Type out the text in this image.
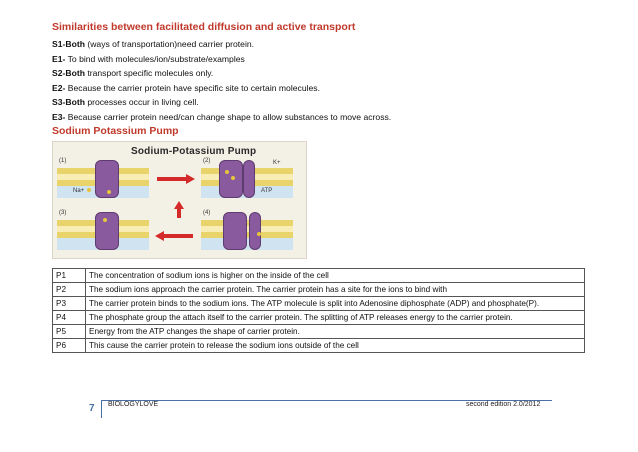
Similarities between facilitated diffusion and active transport
S1-Both (ways of transportation)need carrier protein.
E1- To bind with molecules/ion/substrate/examples
S2-Both transport specific molecules only.
E2- Because the carrier protein have specific site to certain molecules.
S3-Both processes occur in living cell.
E3- Because carrier protein need/can change shape to allow substances to move across.
Sodium Potassium Pump
Sodium-Potassium Pump
(1)
Na+
(2)	K+
ATP
(3)	(4)
P1	The concentration of sodium ions is higher on the inside of the cell
P2	The sodium ions approach the carrier protein. The carrier protein has a site for the ions to bind with
P3	The carrier protein binds to the sodium ions. The ATP molecule is split into Adenosine diphosphate (ADP) and phosphate(P).
P4	The phosphate group the attach itself to the carrier protein. The splitting of ATP releases energy to the carrier protein.
P5	Energy from the ATP changes the shape of carrier protein.
P6	This cause the carrier protein to release the sodium ions outside of the cell
7 BIOLOGYLOVE	second edition 2.0/2012
